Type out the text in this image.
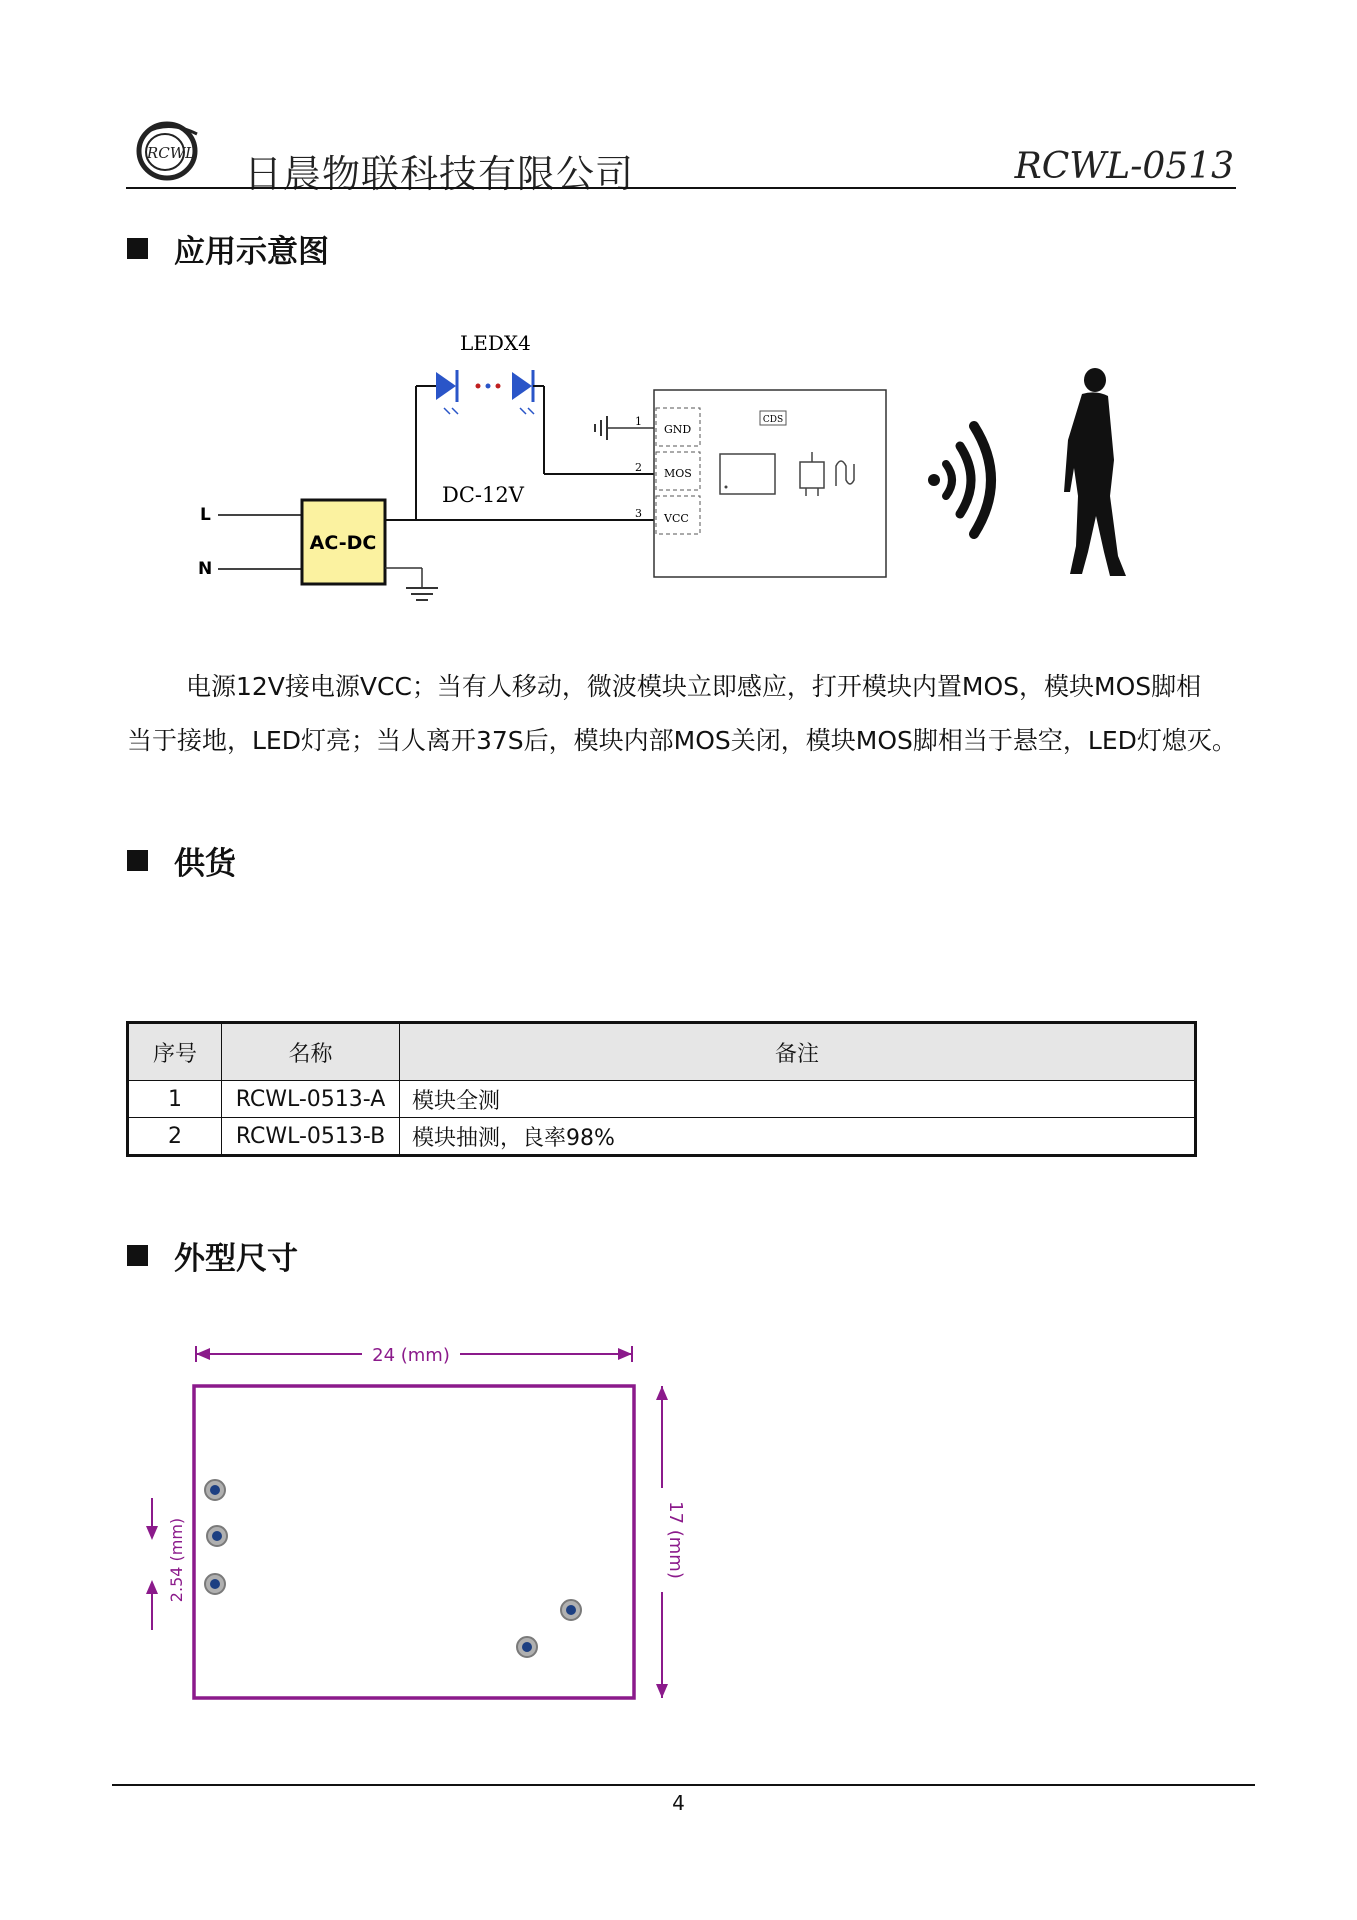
RCWL 日晨物联科技有限公司	RCWL-0513
应用示意图
L
N
AC-DC
DC-12V
LEDX4
1
2
3
GND
MOS
VCC
CDS
电源12V接电源VCC；当有人移动，微波模块立即感应，打开模块内置MOS，模块MOS脚相
当于接地，LED灯亮；当人离开37S后，模块内部MOS关闭，模块MOS脚相当于悬空，LED灯熄灭。
供货
序号	名称	备注
1	RCWL-0513-A	模块全测
2	RCWL-0513-B	模块抽测，良率98%
外型尺寸
24 (mm)
17 (mm)
2.54 (mm)
4
